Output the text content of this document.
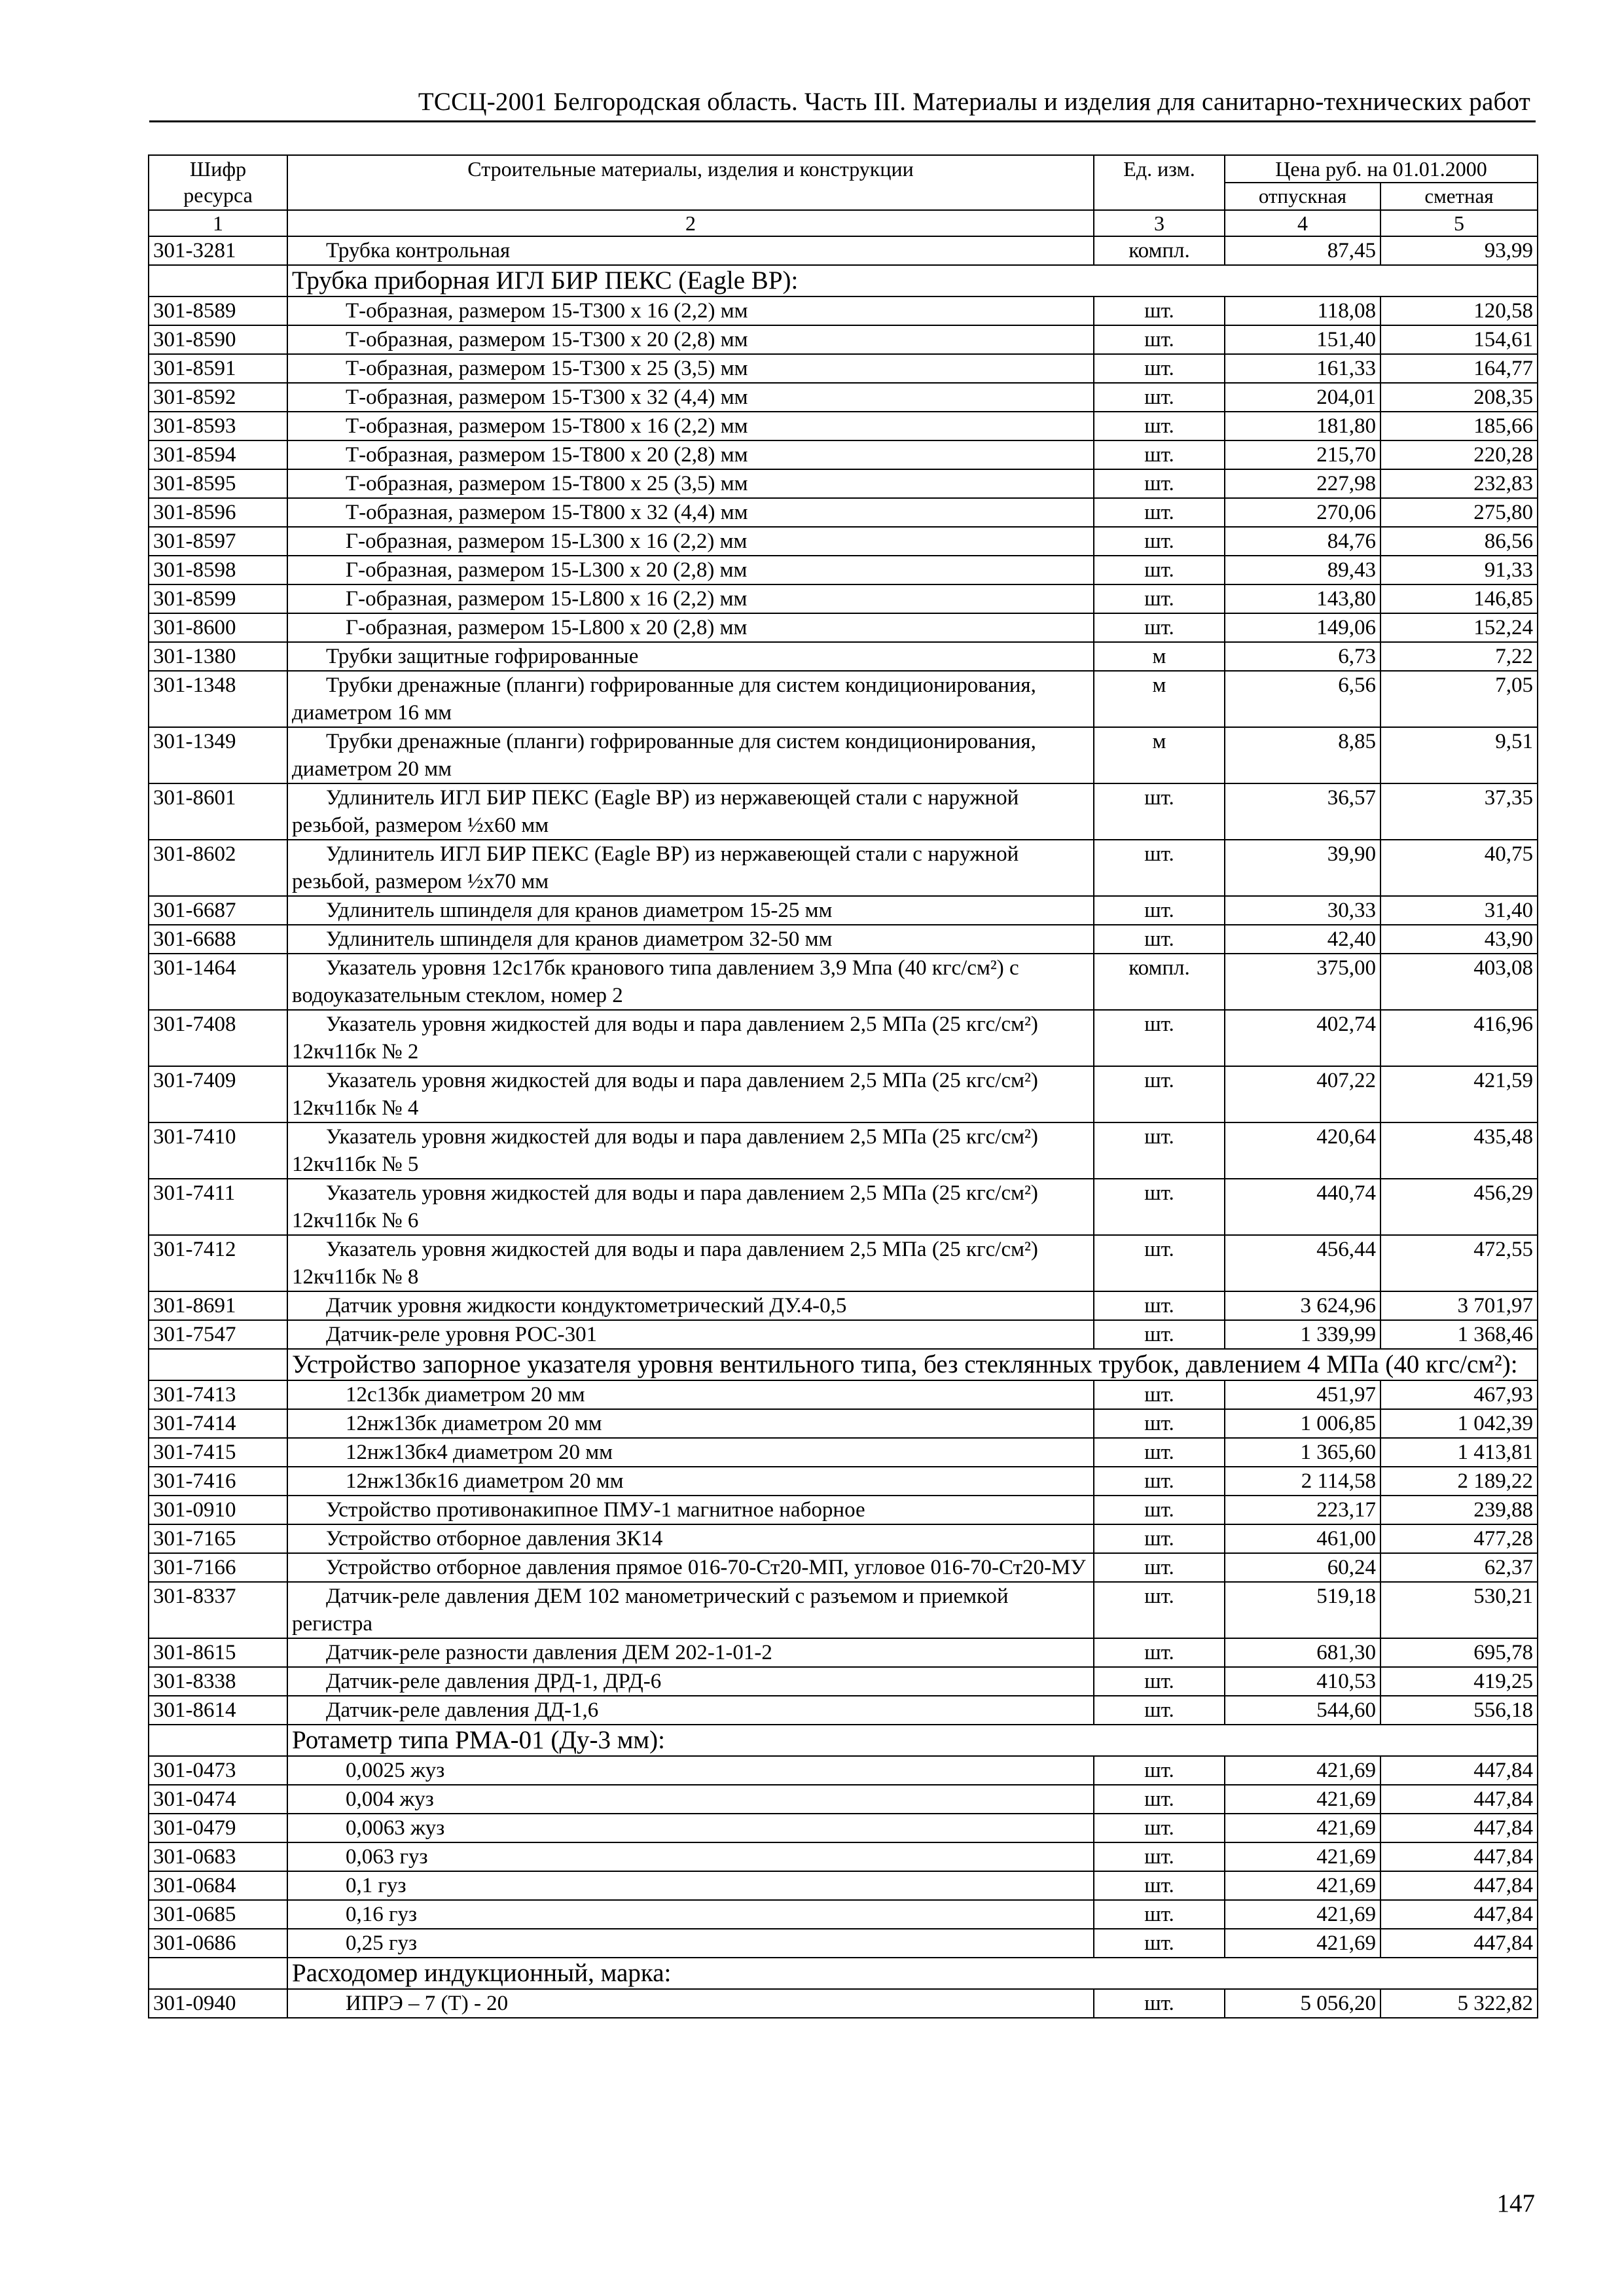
ТССЦ-2001 Белгородская область. Часть III. Материалы и изделия для санитарно-технических работ
Шифр ресурса	Строительные материалы, изделия и конструкции	Ед. изм.	Цена руб. на 01.01.2000	
			отпускная	сметная
1	2	3	4	5
301-3281	Трубка контрольная	компл.	87,45	93,99
	Трубка приборная ИГЛ БИР ПЕКС (Eagle BP):			
301-8589	Т-образная, размером 15-Т300 х 16 (2,2) мм	шт.	118,08	120,58
301-8590	Т-образная, размером 15-Т300 х 20 (2,8) мм	шт.	151,40	154,61
301-8591	Т-образная, размером 15-Т300 х 25 (3,5) мм	шт.	161,33	164,77
301-8592	Т-образная, размером 15-Т300 х 32 (4,4) мм	шт.	204,01	208,35
301-8593	Т-образная, размером 15-Т800 х 16 (2,2) мм	шт.	181,80	185,66
301-8594	Т-образная, размером 15-Т800 х 20 (2,8) мм	шт.	215,70	220,28
301-8595	Т-образная, размером 15-Т800 х 25 (3,5) мм	шт.	227,98	232,83
301-8596	Т-образная, размером 15-Т800 х 32 (4,4) мм	шт.	270,06	275,80
301-8597	Г-образная, размером 15-L300 х 16 (2,2) мм	шт.	84,76	86,56
301-8598	Г-образная, размером 15-L300 х 20 (2,8) мм	шт.	89,43	91,33
301-8599	Г-образная, размером 15-L800 х 16 (2,2) мм	шт.	143,80	146,85
301-8600	Г-образная, размером 15-L800 х 20 (2,8) мм	шт.	149,06	152,24
301-1380	Трубки защитные гофрированные	м	6,73	7,22
301-1348	Трубки дренажные (планги) гофрированные для систем кондиционирования, диаметром 16 мм	м	6,56	7,05
301-1349	Трубки дренажные (планги) гофрированные для систем кондиционирования, диаметром 20 мм	м	8,85	9,51
301-8601	Удлинитель ИГЛ БИР ПЕКС (Eagle BP) из нержавеющей стали с наружной резьбой, размером ½х60 мм	шт.	36,57	37,35
301-8602	Удлинитель ИГЛ БИР ПЕКС (Eagle BP) из нержавеющей стали с наружной резьбой, размером ½х70 мм	шт.	39,90	40,75
301-6687	Удлинитель шпинделя для кранов диаметром 15-25 мм	шт.	30,33	31,40
301-6688	Удлинитель шпинделя для кранов диаметром 32-50 мм	шт.	42,40	43,90
301-1464	Указатель уровня 12с17бк кранового типа давлением 3,9 Мпа (40 кгс/см²) с водоуказательным стеклом, номер 2	компл.	375,00	403,08
301-7408	Указатель уровня жидкостей для воды и пара давлением 2,5 МПа (25 кгс/см²) 12кч11бк № 2	шт.	402,74	416,96
301-7409	Указатель уровня жидкостей для воды и пара давлением 2,5 МПа (25 кгс/см²) 12кч11бк № 4	шт.	407,22	421,59
301-7410	Указатель уровня жидкостей для воды и пара давлением 2,5 МПа (25 кгс/см²) 12кч11бк № 5	шт.	420,64	435,48
301-7411	Указатель уровня жидкостей для воды и пара давлением 2,5 МПа (25 кгс/см²) 12кч11бк № 6	шт.	440,74	456,29
301-7412	Указатель уровня жидкостей для воды и пара давлением 2,5 МПа (25 кгс/см²) 12кч11бк № 8	шт.	456,44	472,55
301-8691	Датчик уровня жидкости кондуктометрический ДУ.4-0,5	шт.	3 624,96	3 701,97
301-7547	Датчик-реле уровня РОС-301	шт.	1 339,99	1 368,46
	Устройство запорное указателя уровня вентильного типа, без стеклянных трубок, давлением 4 МПа (40 кгс/см²):			
301-7413	12с13бк диаметром 20 мм	шт.	451,97	467,93
301-7414	12нж13бк диаметром 20 мм	шт.	1 006,85	1 042,39
301-7415	12нж13бк4 диаметром 20 мм	шт.	1 365,60	1 413,81
301-7416	12нж13бк16 диаметром 20 мм	шт.	2 114,58	2 189,22
301-0910	Устройство противонакипное ПМУ-1 магнитное наборное	шт.	223,17	239,88
301-7165	Устройство отборное давления ЗК14	шт.	461,00	477,28
301-7166	Устройство отборное давления прямое 016-70-Ст20-МП, угловое 016-70-Ст20-МУ	шт.	60,24	62,37
301-8337	Датчик-реле давления ДЕМ 102 манометрический с разъемом и приемкой регистра	шт.	519,18	530,21
301-8615	Датчик-реле разности давления ДЕМ 202-1-01-2	шт.	681,30	695,78
301-8338	Датчик-реле давления ДРД-1, ДРД-6	шт.	410,53	419,25
301-8614	Датчик-реле давления ДД-1,6	шт.	544,60	556,18
	Ротаметр типа РМА-01 (Ду-3 мм):			
301-0473	0,0025 жуз	шт.	421,69	447,84
301-0474	0,004 жуз	шт.	421,69	447,84
301-0479	0,0063 жуз	шт.	421,69	447,84
301-0683	0,063 гуз	шт.	421,69	447,84
301-0684	0,1 гуз	шт.	421,69	447,84
301-0685	0,16 гуз	шт.	421,69	447,84
301-0686	0,25 гуз	шт.	421,69	447,84
	Расходомер индукционный, марка:			
301-0940	ИПРЭ – 7 (Т) - 20	шт.	5 056,20	5 322,82
147
